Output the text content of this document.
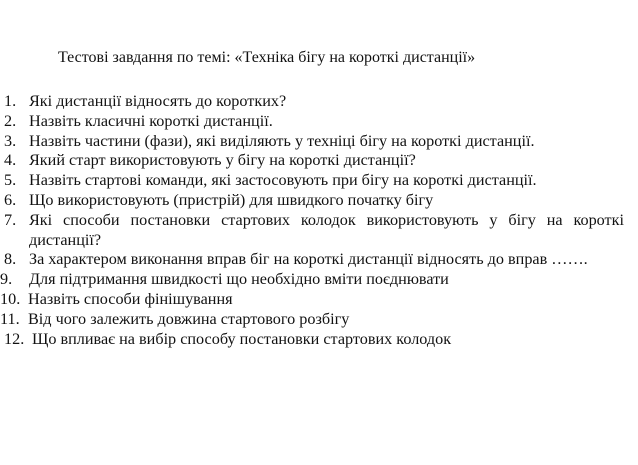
Тестові завдання по темі: «Техніка бігу на короткі дистанції»
1. Які дистанції відносять до коротких?
2. Назвіть класичні короткі дистанції.
3. Назвіть частини (фази), які виділяють у техніці бігу на короткі дистанції.
4. Який старт використовують у бігу на короткі дистанції?
5. Назвіть стартові команди, які застосовують при бігу на короткі дистанції.
6. Що використовують (пристрій) для швидкого початку бігу
7. Які способи постановки стартових колодок використовують у бігу на короткі дистанції?
8. За характером виконання вправ біг на короткі дистанції відносять до вправ …….
9. Для підтримання швидкості що необхідно вміти поєднювати
10. Назвіть способи фінішування
11. Від чого залежить довжина стартового розбігу
12. Що впливає на вибір способу постановки стартових колодок
